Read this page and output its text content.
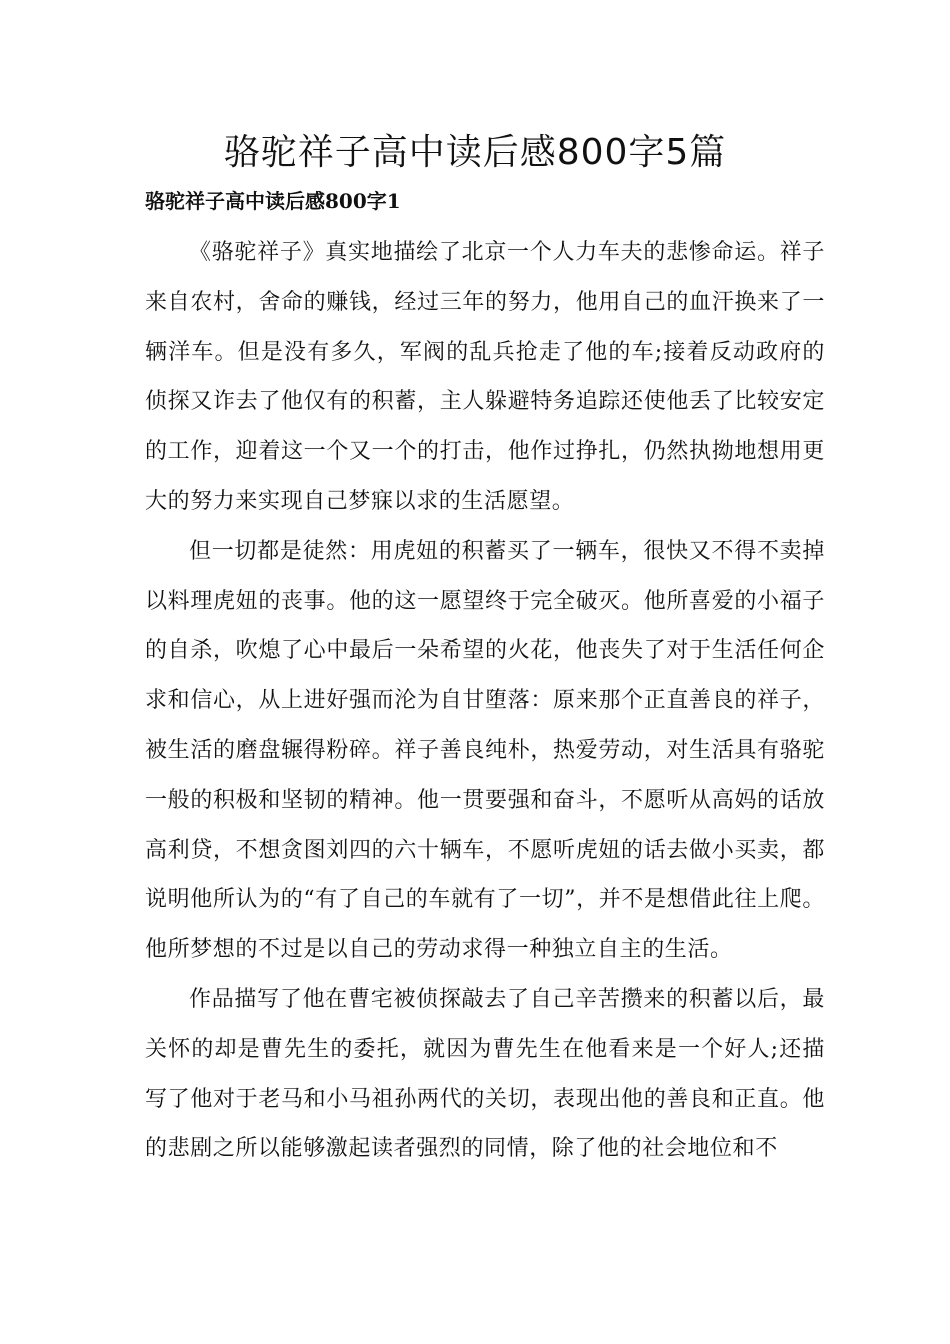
骆驼祥子高中读后感800字5篇
骆驼祥子高中读后感800字1

《骆驼祥子》真实地描绘了北京一个人力车夫的悲惨命运。祥子来自农村，舍命的赚钱，经过三年的努力，他用自己的血汗换来了一辆洋车。但是没有多久，军阀的乱兵抢走了他的车;接着反动政府的侦探又诈去了他仅有的积蓄，主人躲避特务追踪还使他丢了比较安定的工作，迎着这一个又一个的打击，他作过挣扎，仍然执拗地想用更大的努力来实现自己梦寐以求的生活愿望。

但一切都是徒然：用虎妞的积蓄买了一辆车，很快又不得不卖掉以料理虎妞的丧事。他的这一愿望终于完全破灭。他所喜爱的小福子的自杀，吹熄了心中最后一朵希望的火花，他丧失了对于生活任何企求和信心，从上进好强而沦为自甘堕落：原来那个正直善良的祥子，被生活的磨盘辗得粉碎。祥子善良纯朴，热爱劳动，对生活具有骆驼一般的积极和坚韧的精神。他一贯要强和奋斗，不愿听从高妈的话放高利贷，不想贪图刘四的六十辆车，不愿听虎妞的话去做小买卖，都说明他所认为的“有了自己的车就有了一切”，并不是想借此往上爬。他所梦想的不过是以自己的劳动求得一种独立自主的生活。

作品描写了他在曹宅被侦探敲去了自己辛苦攒来的积蓄以后，最关怀的却是曹先生的委托，就因为曹先生在他看来是一个好人;还描写了他对于老马和小马祖孙两代的关切，表现出他的善良和正直。他的悲剧之所以能够激起读者强烈的同情，除了他的社会地位和不
